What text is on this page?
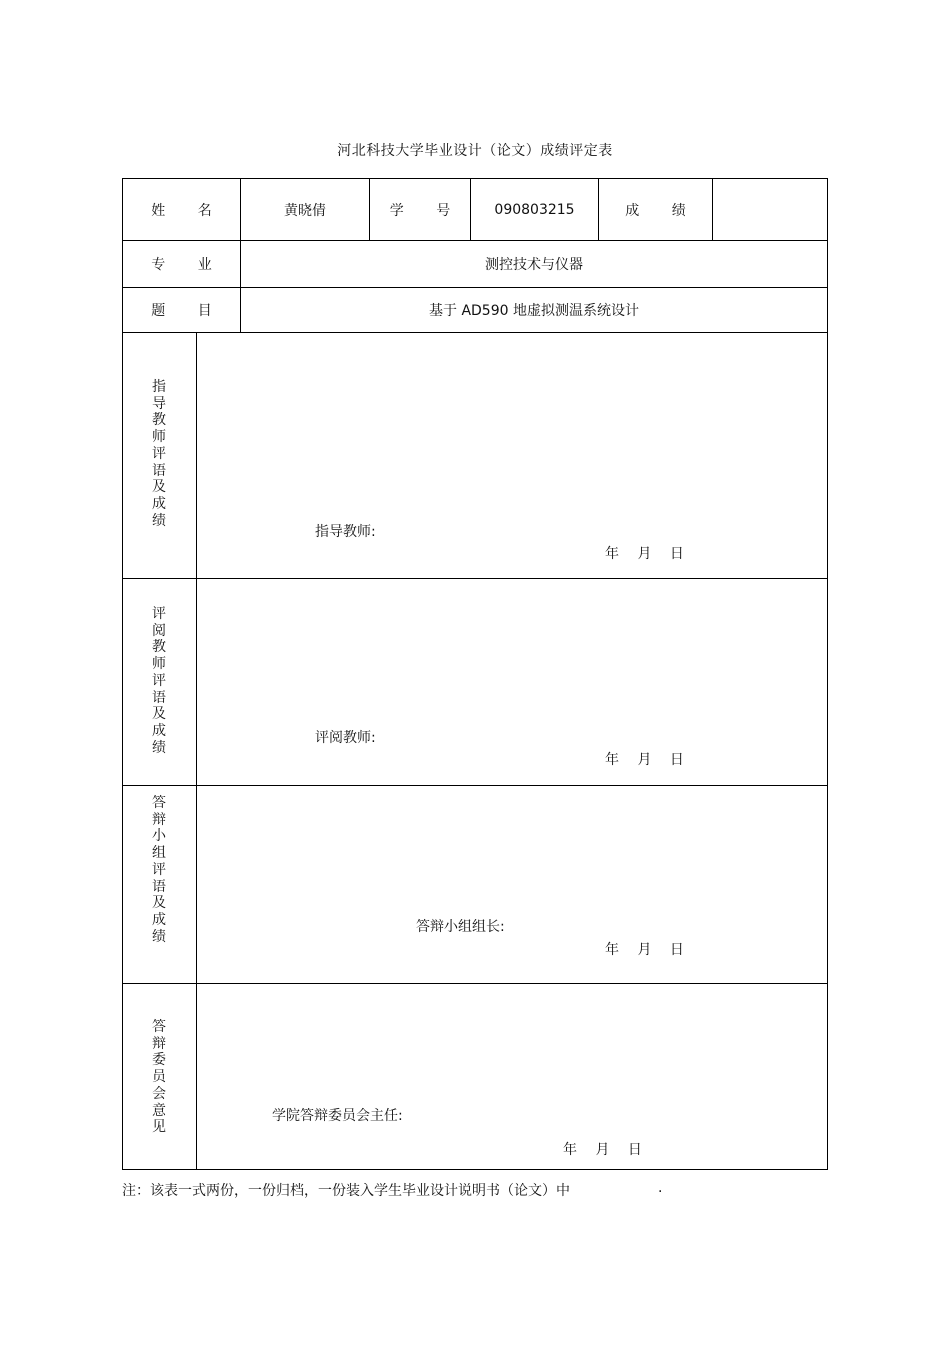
河北科技大学毕业设计（论文）成绩评定表
姓 名	黄晓倩	学 号	090803215	成 绩
专 业	测控技术与仪器
题 目	基于 AD590 地虚拟测温系统设计
指导教师评语及成绩
指导教师:
年 月 日
评阅教师评语及成绩
评阅教师:
年 月 日
答辩小组评语及成绩
答辩小组组长:
年 月 日
答辩委员会意见
学院答辩委员会主任:
年 月 日
注：该表一式两份，一份归档，一份装入学生毕业设计说明书（论文）中	.
